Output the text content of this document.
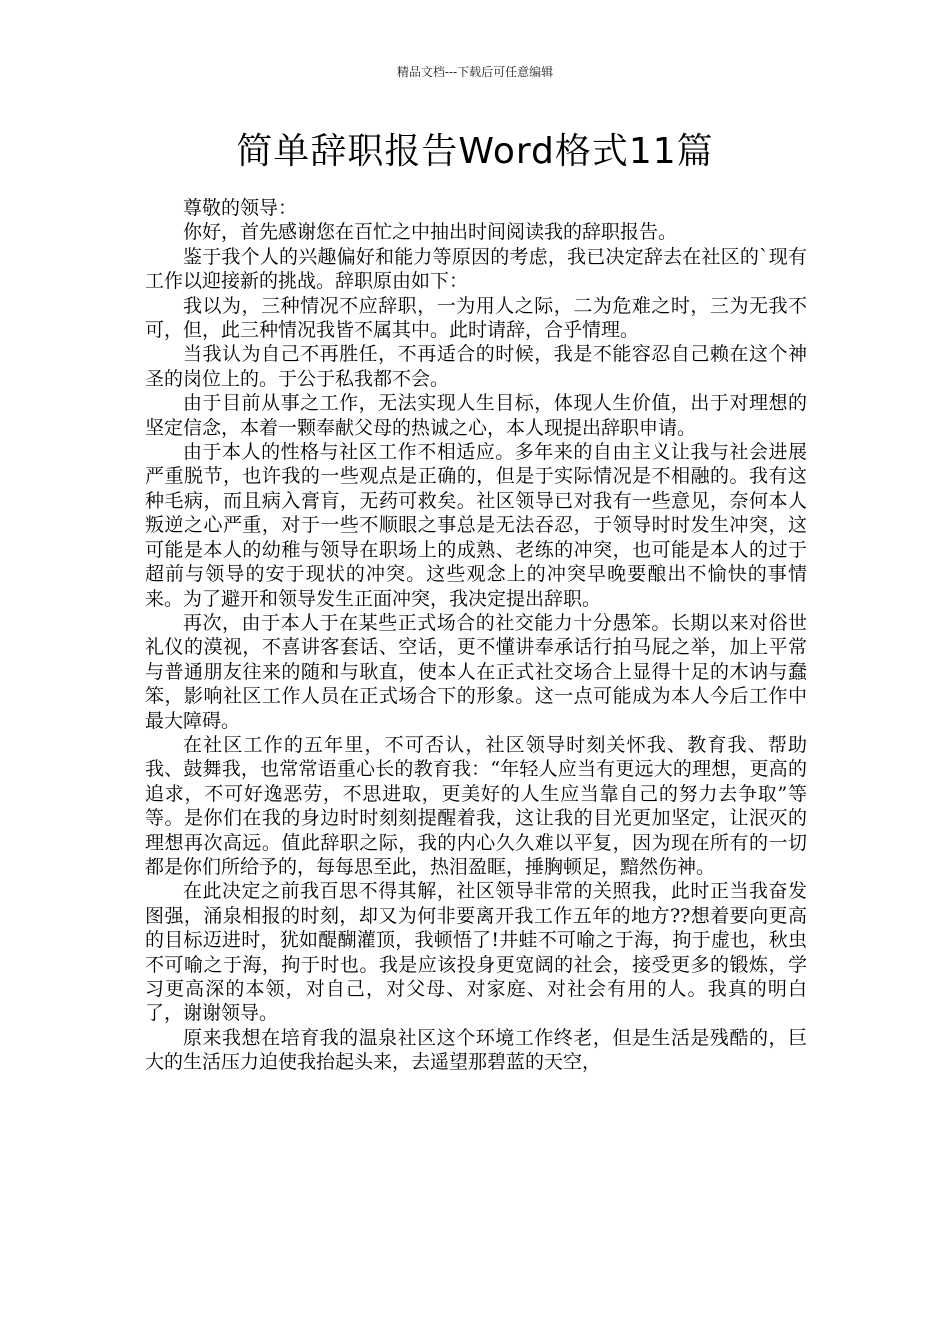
精品文档---下载后可任意编辑
简单辞职报告Word格式11篇

尊敬的领导：

你好，首先感谢您在百忙之中抽出时间阅读我的辞职报告。

鉴于我个人的兴趣偏好和能力等原因的考虑，我已决定辞去在社区的`现有工作以迎接新的挑战。辞职原由如下：

我以为，三种情况不应辞职，一为用人之际，二为危难之时，三为无我不可，但，此三种情况我皆不属其中。此时请辞，合乎情理。

当我认为自己不再胜任，不再适合的时候，我是不能容忍自己赖在这个神圣的岗位上的。于公于私我都不会。

由于目前从事之工作，无法实现人生目标，体现人生价值，出于对理想的坚定信念，本着一颗奉献父母的热诚之心，本人现提出辞职申请。

由于本人的性格与社区工作不相适应。多年来的自由主义让我与社会进展严重脱节，也许我的一些观点是正确的，但是于实际情况是不相融的。我有这种毛病，而且病入膏肓，无药可救矣。社区领导已对我有一些意见，奈何本人叛逆之心严重，对于一些不顺眼之事总是无法吞忍，于领导时时发生冲突，这可能是本人的幼稚与领导在职场上的成熟、老练的冲突，也可能是本人的过于超前与领导的安于现状的冲突。这些观念上的冲突早晚要酿出不愉快的事情来。为了避开和领导发生正面冲突，我决定提出辞职。

再次，由于本人于在某些正式场合的社交能力十分愚笨。长期以来对俗世礼仪的漠视，不喜讲客套话、空话，更不懂讲奉承话行拍马屁之举，加上平常与普通朋友往来的随和与耿直，使本人在正式社交场合上显得十足的木讷与蠢笨，影响社区工作人员在正式场合下的形象。这一点可能成为本人今后工作中最大障碍。

在社区工作的五年里，不可否认，社区领导时刻关怀我、教育我、帮助我、鼓舞我，也常常语重心长的教育我：“年轻人应当有更远大的理想，更高的追求，不可好逸恶劳，不思进取，更美好的人生应当靠自己的努力去争取”等等。是你们在我的身边时时刻刻提醒着我，这让我的目光更加坚定，让泯灭的理想再次高远。值此辞职之际，我的内心久久难以平复，因为现在所有的一切都是你们所给予的，每每思至此，热泪盈眶，捶胸顿足，黯然伤神。

在此决定之前我百思不得其解，社区领导非常的关照我，此时正当我奋发图强，涌泉相报的时刻，却又为何非要离开我工作五年的地方??想着要向更高的目标迈进时，犹如醍醐灌顶，我顿悟了!井蛙不可喻之于海，拘于虚也，秋虫不可喻之于海，拘于时也。我是应该投身更宽阔的社会，接受更多的锻炼，学习更高深的本领，对自己，对父母、对家庭、对社会有用的人。我真的明白了，谢谢领导。

原来我想在培育我的温泉社区这个环境工作终老，但是生活是残酷的，巨大的生活压力迫使我抬起头来，去遥望那碧蓝的天空，
